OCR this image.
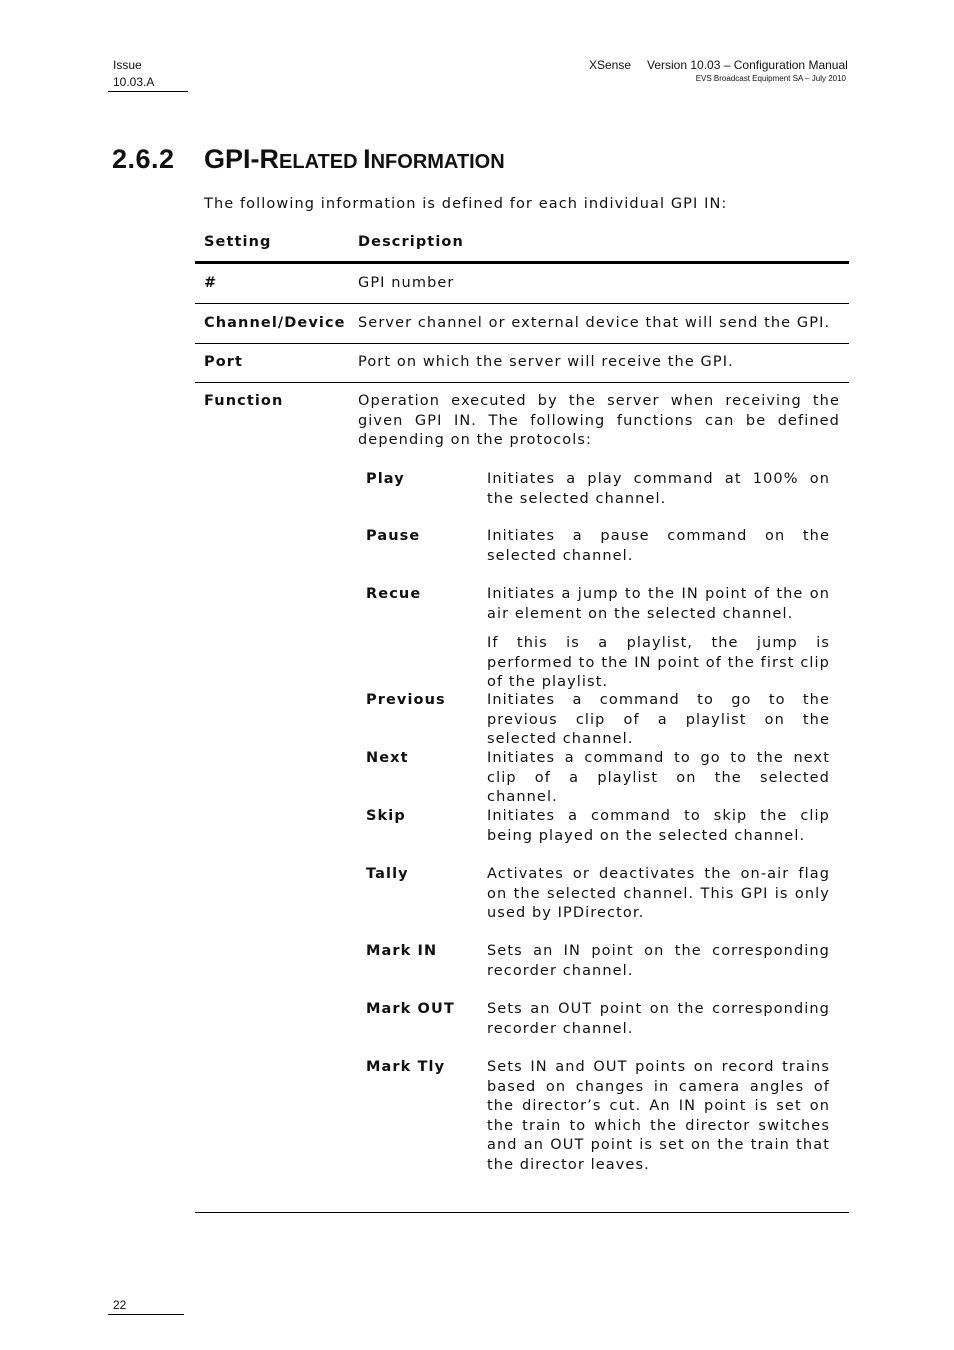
Issue
10.03.A
XSense Version 10.03 – Configuration Manual
EVS Broadcast Equipment SA – July 2010
2.6.2 GPI-RELATED INFORMATION
The following information is defined for each individual GPI IN:
Setting	Description
#	GPI number
Channel/Device Server channel or external device that will send the GPI.
Port	Port on which the server will receive the GPI.
Function	Operation executed by the server when receiving the given GPI IN. The following functions can be defined depending on the protocols:
Play	Initiates a play command at 100% on the selected channel.
Pause	Initiates a pause command on the selected channel.
Recue	Initiates a jump to the IN point of the on air element on the selected channel.
If this is a playlist, the jump is performed to the IN point of the first clip of the playlist.
Previous	Initiates a command to go to the previous clip of a playlist on the selected channel.
Next	Initiates a command to go to the next clip of a playlist on the selected channel.
Skip	Initiates a command to skip the clip being played on the selected channel.
Tally	Activates or deactivates the on-air flag on the selected channel. This GPI is only used by IPDirector.
Mark IN	Sets an IN point on the corresponding recorder channel.
Mark OUT Sets an OUT point on the corresponding recorder channel.
Mark Tly	Sets IN and OUT points on record trains based on changes in camera angles of the director’s cut. An IN point is set on the train to which the director switches and an OUT point is set on the train that the director leaves.
22
